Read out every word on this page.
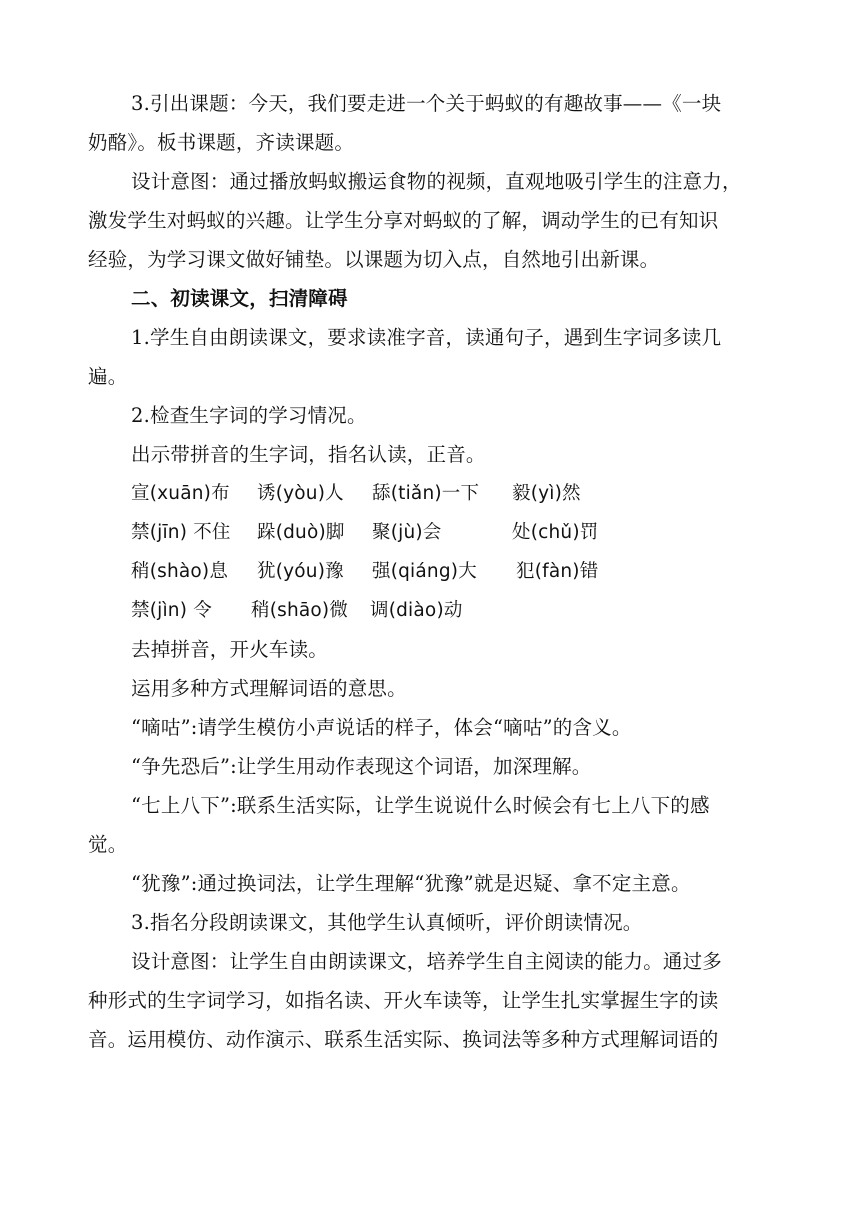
3.引出课题：今天，我们要走进一个关于蚂蚁的有趣故事——《一块
奶酪》。板书课题，齐读课题。
设计意图：通过播放蚂蚁搬运食物的视频，直观地吸引学生的注意力，
激发学生对蚂蚁的兴趣。让学生分享对蚂蚁的了解，调动学生的已有知识
经验，为学习课文做好铺垫。以课题为切入点，自然地引出新课。
二、初读课文，扫清障碍
1.学生自由朗读课文，要求读准字音，读通句子，遇到生字词多读几
遍。
2.检查生字词的学习情况。
出示带拼音的生字词，指名认读，正音。
宣(xuān)布 诱(yòu)人 舔(tiǎn)一下 毅(yì)然
禁(jīn) 不住 跺(duò)脚 聚(jù)会	处(chǔ)罚
稍(shào)息 犹(yóu)豫 强(qiáng)大 犯(fàn)错
禁(jìn) 令 稍(shāo)微 调(diào)动
去掉拼音，开火车读。
运用多种方式理解词语的意思。
“嘀咕”:请学生模仿小声说话的样子，体会“嘀咕”的含义。
“争先恐后”:让学生用动作表现这个词语，加深理解。
“七上八下”:联系生活实际，让学生说说什么时候会有七上八下的感
觉。
“犹豫”:通过换词法，让学生理解“犹豫”就是迟疑、拿不定主意。
3.指名分段朗读课文，其他学生认真倾听，评价朗读情况。
设计意图：让学生自由朗读课文，培养学生自主阅读的能力。通过多
种形式的生字词学习，如指名读、开火车读等，让学生扎实掌握生字的读
音。运用模仿、动作演示、联系生活实际、换词法等多种方式理解词语的
